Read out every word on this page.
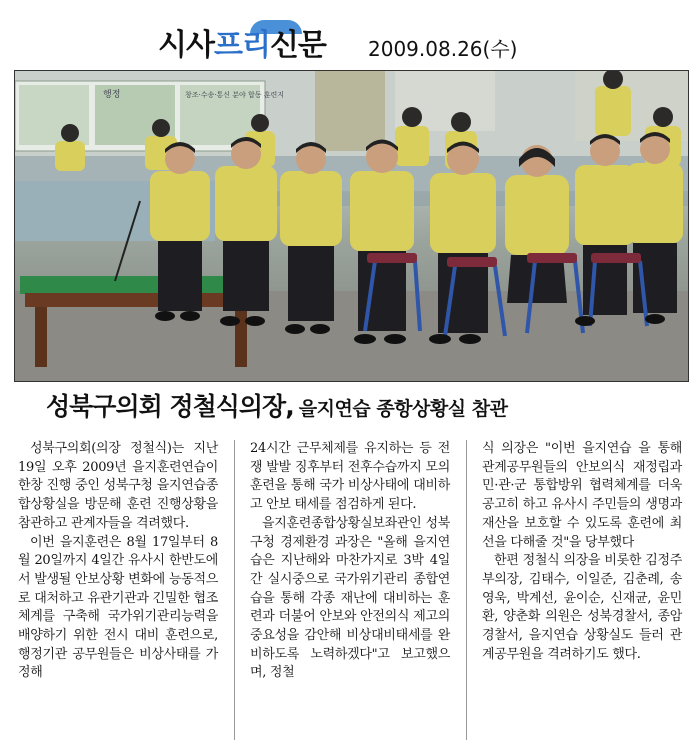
시사프리신문 2009.08.26(수)
행정	창조·수송·통신 분야 합동 훈련지
성북구의회 정철식의장, 을지연습 종항상황실 참관

성북구의회(의장 정철식)는 지난 19일 오후 2009년 을지훈련연습이 한창 진행 중인 성북구청 을지연습종합상황실을 방문해 훈련 진행상황을 참관하고 관계자들을 격려했다.

이번 을지훈련은 8월 17일부터 8월 20일까지 4일간 유사시 한반도에서 발생될 안보상황 변화에 능동적으로 대처하고 유관기관과 긴밀한 협조체계를 구축해 국가위기관리능력을 배양하기 위한 전시 대비 훈련으로, 행정기관 공무원들은 비상사태를 가정해

24시간 근무체제를 유지하는 등 전쟁 발발 징후부터 전후수습까지 모의훈련을 통해 국가 비상사태에 대비하고 안보 태세를 점검하게 된다.

을지훈련종합상황실보좌관인 성북구청 경제환경 과장은 "올해 을지연습은 지난해와 마찬가지로 3박 4일간 실시중으로 국가위기관리 종합연습을 통해 각종 재난에 대비하는 훈련과 더불어 안보와 안전의식 제고의 중요성을 감안해 비상대비태세를 완비하도록 노력하겠다"고 보고했으며, 정철

식 의장은 "이번 을지연습 을 통해 관계공무원들의 안보의식 재정립과 민·관·군 통합방위 협력체계를 더욱 공고히 하고 유사시 주민들의 생명과 재산을 보호할 수 있도록 훈련에 최선을 다해줄 것"을 당부했다

한편 정철식 의장을 비롯한 김정주부의장, 김태수, 이일준, 김춘례, 송영욱, 박계선, 윤이순, 신재균, 윤민환, 양춘화 의원은 성북경찰서, 종암경찰서, 을지연습 상황실도 들러 관계공무원을 격려하기도 했다.
